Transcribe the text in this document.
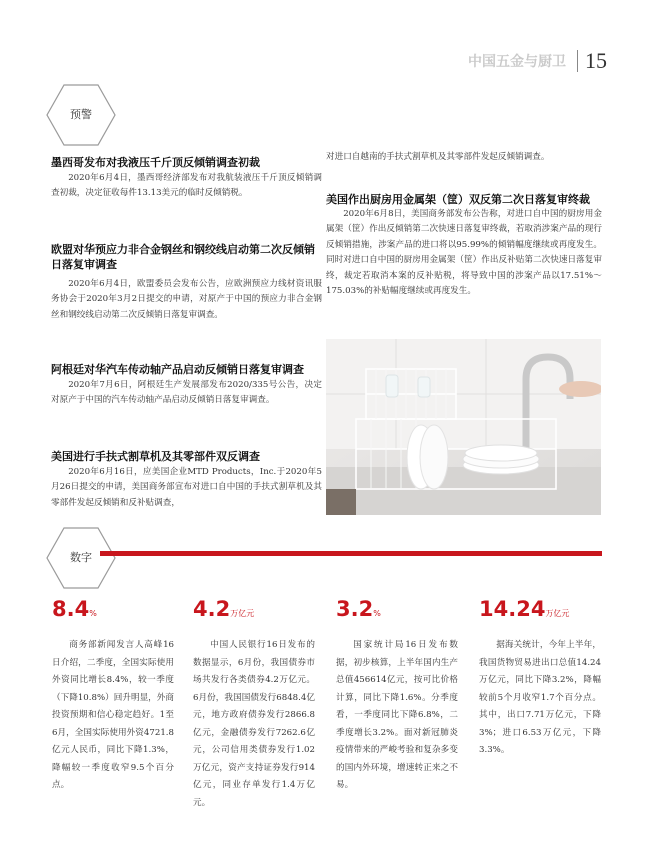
中国五金与厨卫 15
预警
墨西哥发布对我液压千斤顶反倾销调查初裁
2020年6月4日，墨西哥经济部发布对我航装液压千斤顶反倾销调查初裁，决定征收每件13.13美元的临时反倾销税。
欧盟对华预应力非合金钢丝和钢绞线启动第二次反倾销日落复审调查
2020年6月4日，欧盟委员会发布公告，应欧洲预应力线材资讯服务协会于2020年3月2日提交的申请，对原产于中国的预应力非合金钢丝和钢绞线启动第二次反倾销日落复审调查。
阿根廷对华汽车传动轴产品启动反倾销日落复审调查
2020年7月6日，阿根廷生产发展部发布2020/335号公告，决定对原产于中国的汽车传动轴产品启动反倾销日落复审调查。
美国进行手扶式割草机及其零部件双反调查
2020年6月16日，应美国企业MTD Products，Inc.于2020年5月26日提交的申请，美国商务部宣布对进口自中国的手扶式割草机及其零部件发起反倾销和反补贴调查，
对进口自越南的手扶式割草机及其零部件发起反倾销调查。
美国作出厨房用金属架（筐）双反第二次日落复审终裁
2020年6月8日，美国商务部发布公告称，对进口自中国的厨房用金属架（筐）作出反倾销第二次快速日落复审终裁，若取消涉案产品的现行反倾销措施，涉案产品的进口将以95.99%的倾销幅度继续或再度发生。同时对进口自中国的厨房用金属架（筐）作出反补贴第二次快速日落复审终，裁定若取消本案的反补贴税，将导致中国的涉案产品以17.51%～175.03%的补贴幅度继续或再度发生。
数字
8.4%
商务部新闻发言人高峰16日介绍，二季度，全国实际使用外资同比增长8.4%，较一季度（下降10.8%）回升明显，外商投资预期和信心稳定趋好。1至6月，全国实际使用外资4721.8亿元人民币，同比下降1.3%，降幅较一季度收窄9.5个百分点。
4.2万亿元
中国人民银行16日发布的数据显示，6月份，我国债券市场共发行各类债券4.2万亿元。6月份，我国国债发行6848.4亿元，地方政府债券发行2866.8亿元，金融债券发行7262.6亿元，公司信用类债券发行1.02万亿元，资产支持证券发行914亿元，同业存单发行1.4万亿元。
3.2%
国家统计局16日发布数据，初步核算，上半年国内生产总值456614亿元，按可比价格计算，同比下降1.6%。分季度看，一季度同比下降6.8%，二季度增长3.2%。面对新冠肺炎疫情带来的严峻考验和复杂多变的国内外环境，增速转正来之不易。
14.24万亿元
据海关统计，今年上半年，我国货物贸易进出口总值14.24万亿元，同比下降3.2%，降幅较前5个月收窄1.7个百分点。其中，出口7.71万亿元，下降3%；进口6.53万亿元，下降3.3%。
